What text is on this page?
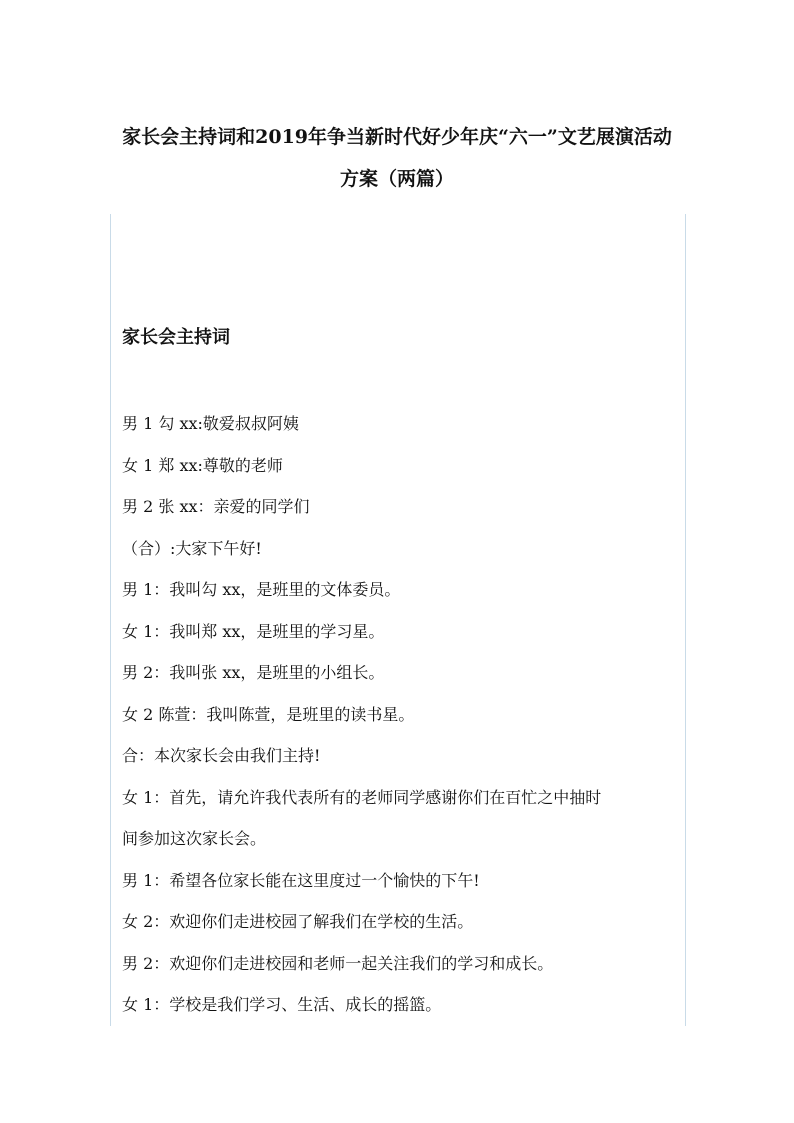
家长会主持词和2019年争当新时代好少年庆“六一”文艺展演活动
方案（两篇）
家长会主持词
男 1 勾 xx:敬爱叔叔阿姨
女 1 郑 xx:尊敬的老师
男 2 张 xx：亲爱的同学们
（合）:大家下午好!
男 1：我叫勾 xx，是班里的文体委员。
女 1：我叫郑 xx，是班里的学习星。
男 2：我叫张 xx，是班里的小组长。
女 2 陈萱：我叫陈萱，是班里的读书星。
合：本次家长会由我们主持!
女 1：首先，请允许我代表所有的老师同学感谢你们在百忙之中抽时
间参加这次家长会。
男 1：希望各位家长能在这里度过一个愉快的下午!
女 2：欢迎你们走进校园了解我们在学校的生活。
男 2：欢迎你们走进校园和老师一起关注我们的学习和成长。
女 1：学校是我们学习、生活、成长的摇篮。
